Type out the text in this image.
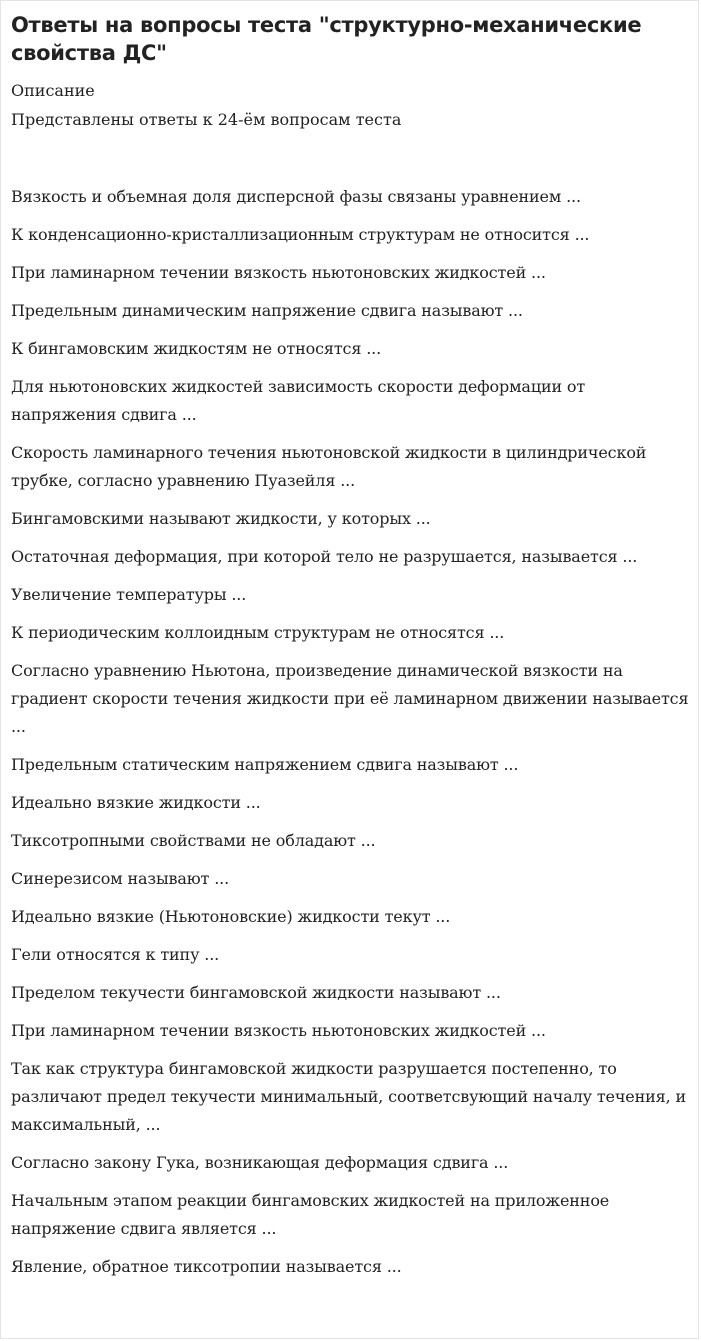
Ответы на вопросы теста "структурно-механические свойства ДС"
Описание
Представлены ответы к 24-ём вопросам теста
Вязкость и объемная доля дисперсной фазы связаны уравнением ...
К конденсационно-кристаллизационным структурам не относится ...
При ламинарном течении вязкость ньютоновских жидкостей ...
Предельным динамическим напряжение сдвига называют ...
К бингамовским жидкостям не относятся ...
Для ньютоновских жидкостей зависимость скорости деформации от напряжения сдвига ...
Скорость ламинарного течения ньютоновской жидкости в цилиндрической трубке, согласно уравнению Пуазейля ...
Бингамовскими называют жидкости, у которых ...
Остаточная деформация, при которой тело не разрушается, называется ...
Увеличение температуры ...
К периодическим коллоидным структурам не относятся ...
Согласно уравнению Ньютона, произведение динамической вязкости на градиент скорости течения жидкости при её ламинарном движении называется ...
Предельным статическим напряжением сдвига называют ...
Идеально вязкие жидкости ...
Тиксотропными свойствами не обладают ...
Синерезисом называют ...
Идеально вязкие (Ньютоновские) жидкости текут ...
Гели относятся к типу ...
Пределом текучести бингамовской жидкости называют ...
При ламинарном течении вязкость ньютоновских жидкостей ...
Так как структура бингамовской жидкости разрушается постепенно, то различают предел текучести минимальный, соответсвующий началу течения, и максимальный, ...
Согласно закону Гука, возникающая деформация сдвига ...
Начальным этапом реакции бингамовских жидкостей на приложенное напряжение сдвига является ...
Явление, обратное тиксотропии называется ...
